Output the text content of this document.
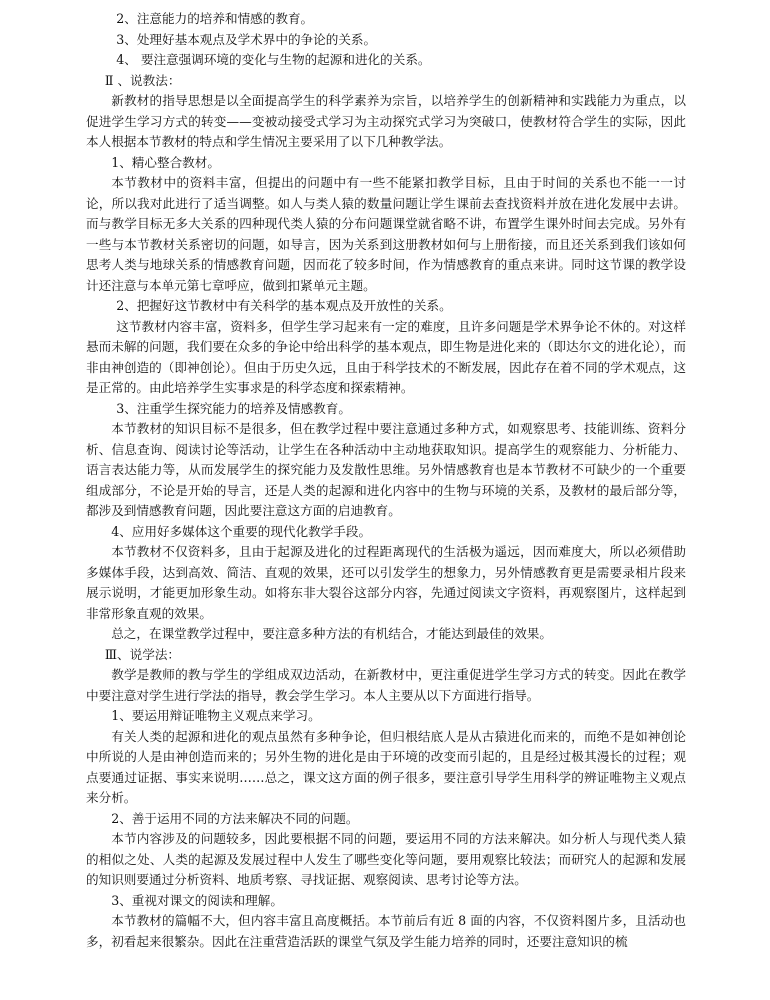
2、注意能力的培养和情感的教育。

3、处理好基本观点及学术界中的争论的关系。

4、 要注意强调环境的变化与生物的起源和进化的关系。

Ⅱ 、说教法：

新教材的指导思想是以全面提高学生的科学素养为宗旨，以培养学生的创新精神和实践能力为重点，以促进学生学习方式的转变——变被动接受式学习为主动探究式学习为突破口，使教材符合学生的实际，因此本人根据本节教材的特点和学生情况主要采用了以下几种教学法。

1、精心整合教材。

本节教材中的资料丰富，但提出的问题中有一些不能紧扣教学目标，且由于时间的关系也不能一一讨论，所以我对此进行了适当调整。如人与类人猿的数量问题让学生课前去查找资料并放在进化发展中去讲。而与教学目标无多大关系的四种现代类人猿的分布问题课堂就省略不讲，布置学生课外时间去完成。另外有一些与本节教材关系密切的问题，如导言，因为关系到这册教材如何与上册衔接，而且还关系到我们该如何思考人类与地球关系的情感教育问题，因而花了较多时间，作为情感教育的重点来讲。同时这节课的教学设计还注意与本单元第七章呼应，做到扣紧单元主题。

2、把握好这节教材中有关科学的基本观点及开放性的关系。

这节教材内容丰富，资料多，但学生学习起来有一定的难度，且许多问题是学术界争论不休的。对这样悬而未解的问题，我们要在众多的争论中给出科学的基本观点，即生物是进化来的（即达尔文的进化论），而非由神创造的（即神创论）。但由于历史久远，且由于科学技术的不断发展，因此存在着不同的学术观点，这是正常的。由此培养学生实事求是的科学态度和探索精神。

3、注重学生探究能力的培养及情感教育。

本节教材的知识目标不是很多，但在教学过程中要注意通过多种方式，如观察思考、技能训练、资料分析、信息查询、阅读讨论等活动，让学生在各种活动中主动地获取知识。提高学生的观察能力、分析能力、语言表达能力等，从而发展学生的探究能力及发散性思维。另外情感教育也是本节教材不可缺少的一个重要组成部分，不论是开始的导言，还是人类的起源和进化内容中的生物与环境的关系，及教材的最后部分等，都涉及到情感教育问题，因此要注意这方面的启迪教育。

4、应用好多媒体这个重要的现代化教学手段。

本节教材不仅资料多，且由于起源及进化的过程距离现代的生活极为遥远，因而难度大，所以必须借助多媒体手段，达到高效、简洁、直观的效果，还可以引发学生的想象力，另外情感教育更是需要录相片段来展示说明，才能更加形象生动。如将东非大裂谷这部分内容，先通过阅读文字资料，再观察图片，这样起到非常形象直观的效果。

总之，在课堂教学过程中，要注意多种方法的有机结合，才能达到最佳的效果。

Ⅲ、说学法：

教学是教师的教与学生的学组成双边活动，在新教材中，更注重促进学生学习方式的转变。因此在教学中要注意对学生进行学法的指导，教会学生学习。本人主要从以下方面进行指导。

1、要运用辩证唯物主义观点来学习。

有关人类的起源和进化的观点虽然有多种争论，但归根结底人是从古猿进化而来的，而绝不是如神创论中所说的人是由神创造而来的；另外生物的进化是由于环境的改变而引起的，且是经过极其漫长的过程；观点要通过证据、事实来说明……总之，课文这方面的例子很多，要注意引导学生用科学的辨证唯物主义观点来分析。

2、善于运用不同的方法来解决不同的问题。

本节内容涉及的问题较多，因此要根据不同的问题，要运用不同的方法来解决。如分析人与现代类人猿的相似之处、人类的起源及发展过程中人发生了哪些变化等问题，要用观察比较法；而研究人的起源和发展的知识则要通过分析资料、地质考察、寻找证据、观察阅读、思考讨论等方法。

3、重视对课文的阅读和理解。

本节教材的篇幅不大，但内容丰富且高度概括。本节前后有近 8 面的内容，不仅资料图片多，且活动也多，初看起来很繁杂。因此在注重营造活跃的课堂气氛及学生能力培养的同时，还要注意知识的梳
